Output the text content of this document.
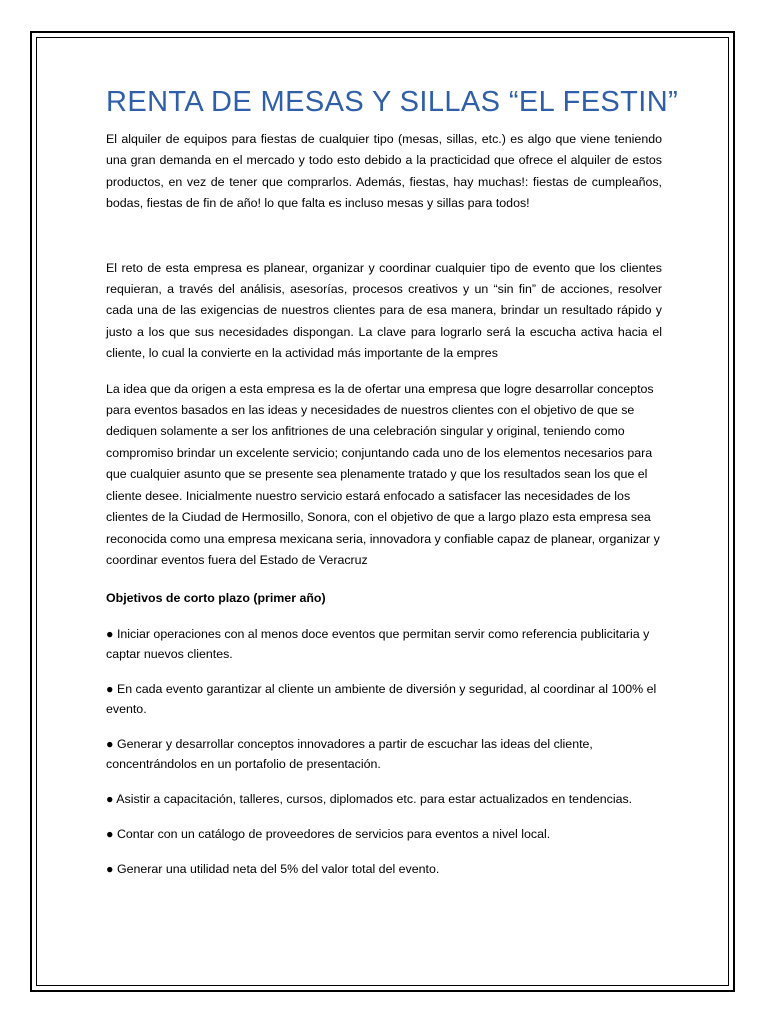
RENTA DE MESAS Y SILLAS “EL FESTIN”

El alquiler de equipos para fiestas de cualquier tipo (mesas, sillas, etc.) es algo que viene teniendo una gran demanda en el mercado y todo esto debido a la practicidad que ofrece el alquiler de estos productos, en vez de tener que comprarlos. Además, fiestas, hay muchas!: fiestas de cumpleaños, bodas, fiestas de fin de año! lo que falta es incluso mesas y sillas para todos!

El reto de esta empresa es planear, organizar y coordinar cualquier tipo de evento que los clientes requieran, a través del análisis, asesorías, procesos creativos y un “sin fin” de acciones, resolver cada una de las exigencias de nuestros clientes para de esa manera, brindar un resultado rápido y justo a los que sus necesidades dispongan. La clave para lograrlo será la escucha activa hacia el cliente, lo cual la convierte en la actividad más importante de la empres

La idea que da origen a esta empresa es la de ofertar una empresa que logre desarrollar conceptos para eventos basados en las ideas y necesidades de nuestros clientes con el objetivo de que se dediquen solamente a ser los anfitriones de una celebración singular y original, teniendo como compromiso brindar un excelente servicio; conjuntando cada uno de los elementos necesarios para que cualquier asunto que se presente sea plenamente tratado y que los resultados sean los que el cliente desee. Inicialmente nuestro servicio estará enfocado a satisfacer las necesidades de los clientes de la Ciudad de Hermosillo, Sonora, con el objetivo de que a largo plazo esta empresa sea reconocida como una empresa mexicana seria, innovadora y confiable capaz de planear, organizar y coordinar eventos fuera del Estado de Veracruz

Objetivos de corto plazo (primer año)
● Iniciar operaciones con al menos doce eventos que permitan servir como referencia publicitaria y captar nuevos clientes.
● En cada evento garantizar al cliente un ambiente de diversión y seguridad, al coordinar al 100% el evento.
● Generar y desarrollar conceptos innovadores a partir de escuchar las ideas del cliente, concentrándolos en un portafolio de presentación.
● Asistir a capacitación, talleres, cursos, diplomados etc. para estar actualizados en tendencias.
● Contar con un catálogo de proveedores de servicios para eventos a nivel local.
● Generar una utilidad neta del 5% del valor total del evento.
